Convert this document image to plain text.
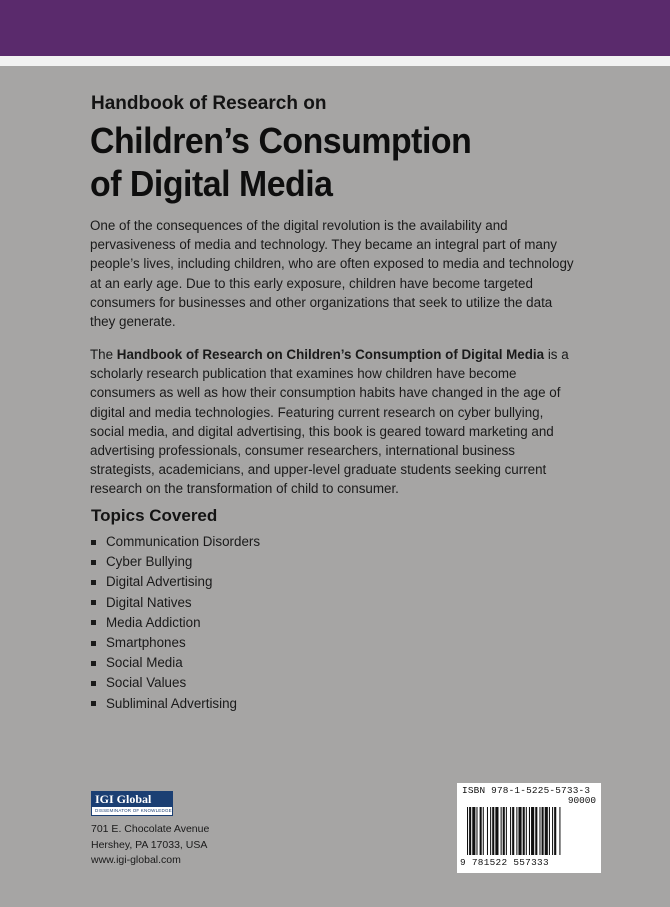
Handbook of Research on
Children’s Consumption
of Digital Media

One of the consequences of the digital revolution is the availability and pervasiveness of media and technology. They became an integral part of many people’s lives, including children, who are often exposed to media and technology at an early age. Due to this early exposure, children have become targeted consumers for businesses and other organizations that seek to utilize the data they generate.

The Handbook of Research on Children’s Consumption of Digital Media is a scholarly research publication that examines how children have become consumers as well as how their consumption habits have changed in the age of digital and media technologies. Featuring current research on cyber bullying, social media, and digital advertising, this book is geared toward marketing and advertising professionals, consumer researchers, international business strategists, academicians, and upper-level graduate students seeking current research on the transformation of child to consumer.

Topics Covered
Communication Disorders
Cyber Bullying
Digital Advertising
Digital Natives
Media Addiction
Smartphones
Social Media
Social Values
Subliminal Advertising
IGI Global
DISSEMINATOR OF KNOWLEDGE
701 E. Chocolate Avenue
Hershey, PA 17033, USA
www.igi-global.com
ISBN 978-1-5225-5733-3
90000
9 781522 557333
